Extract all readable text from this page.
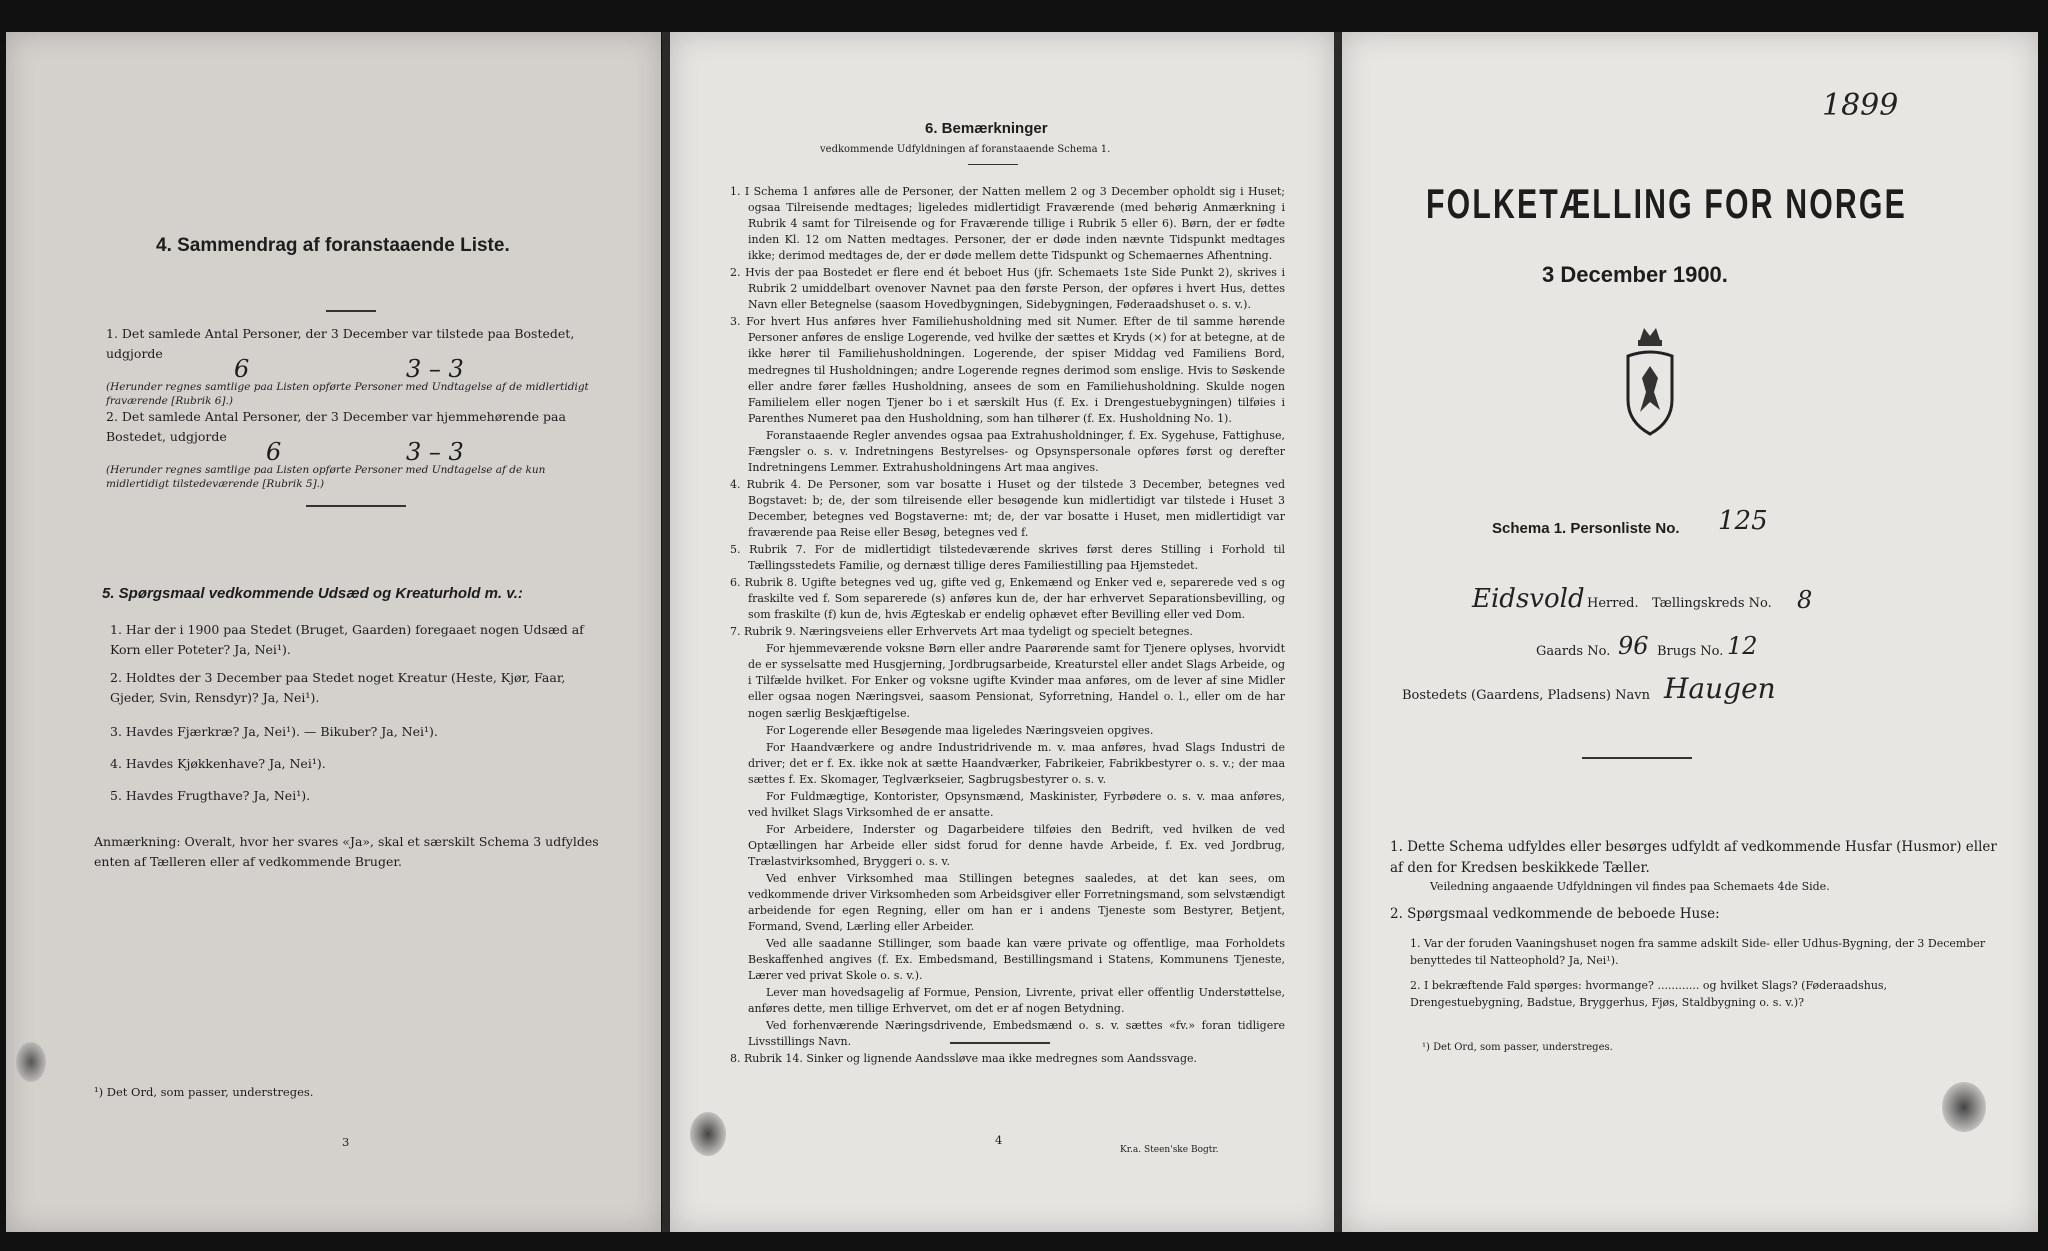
4. Sammendrag af foranstaaende Liste.
1. Det samlede Antal Personer, der 3 December var tilstede paa Bostedet, udgjorde
6	3 – 3
(Herunder regnes samtlige paa Listen opførte Personer med Undtagelse af de midlertidigt fraværende [Rubrik 6].)
2. Det samlede Antal Personer, der 3 December var hjemmehørende paa Bostedet, udgjorde
6	3 – 3
(Herunder regnes samtlige paa Listen opførte Personer med Undtagelse af de kun midlertidigt tilstedeværende [Rubrik 5].)
5. Spørgsmaal vedkommende Udsæd og Kreaturhold m. v.:
1. Har der i 1900 paa Stedet (Bruget, Gaarden) foregaaet nogen Udsæd af Korn eller Poteter? Ja, Nei¹).
2. Holdtes der 3 December paa Stedet noget Kreatur (Heste, Kjør, Faar, Gjeder, Svin, Rensdyr)? Ja, Nei¹).
3. Havdes Fjærkræ? Ja, Nei¹). — Bikuber? Ja, Nei¹).
4. Havdes Kjøkkenhave? Ja, Nei¹).
5. Havdes Frugthave? Ja, Nei¹).
Anmærkning: Overalt, hvor her svares «Ja», skal et særskilt Schema 3 udfyldes enten af Tælleren eller af vedkommende Bruger.
¹) Det Ord, som passer, understreges.
3
6. Bemærkninger
vedkommende Udfyldningen af foranstaaende Schema 1.

1. I Schema 1 anføres alle de Personer, der Natten mellem 2 og 3 December opholdt sig i Huset; ogsaa Tilreisende medtages; ligeledes midlertidigt Fraværende (med behørig Anmærkning i Rubrik 4 samt for Tilreisende og for Fraværende tillige i Rubrik 5 eller 6). Børn, der er fødte inden Kl. 12 om Natten medtages. Personer, der er døde inden nævnte Tidspunkt medtages ikke; derimod medtages de, der er døde mellem dette Tidspunkt og Schemaernes Afhentning.

2. Hvis der paa Bostedet er flere end ét beboet Hus (jfr. Schemaets 1ste Side Punkt 2), skrives i Rubrik 2 umiddelbart ovenover Navnet paa den første Person, der opføres i hvert Hus, dettes Navn eller Betegnelse (saasom Hovedbygningen, Sidebygningen, Føderaadshuset o. s. v.).

3. For hvert Hus anføres hver Familiehusholdning med sit Numer. Efter de til samme hørende Personer anføres de enslige Logerende, ved hvilke der sættes et Kryds (×) for at betegne, at de ikke hører til Familiehusholdningen. Logerende, der spiser Middag ved Familiens Bord, medregnes til Husholdningen; andre Logerende regnes derimod som enslige. Hvis to Søskende eller andre fører fælles Husholdning, ansees de som en Familiehusholdning. Skulde nogen Familielem eller nogen Tjener bo i et særskilt Hus (f. Ex. i Drengestuebygningen) tilføies i Parenthes Numeret paa den Husholdning, som han tilhører (f. Ex. Husholdning No. 1).

Foranstaaende Regler anvendes ogsaa paa Extrahusholdninger, f. Ex. Sygehuse, Fattighuse, Fængsler o. s. v. Indretningens Bestyrelses- og Opsynspersonale opføres først og derefter Indretningens Lemmer. Extrahusholdningens Art maa angives.

4. Rubrik 4. De Personer, som var bosatte i Huset og der tilstede 3 December, betegnes ved Bogstavet: b; de, der som tilreisende eller besøgende kun midlertidigt var tilstede i Huset 3 December, betegnes ved Bogstaverne: mt; de, der var bosatte i Huset, men midlertidigt var fraværende paa Reise eller Besøg, betegnes ved f.

5. Rubrik 7. For de midlertidigt tilstedeværende skrives først deres Stilling i Forhold til Tællingsstedets Familie, og dernæst tillige deres Familiestilling paa Hjemstedet.

6. Rubrik 8. Ugifte betegnes ved ug, gifte ved g, Enkemænd og Enker ved e, separerede ved s og fraskilte ved f. Som separerede (s) anføres kun de, der har erhvervet Separationsbevilling, og som fraskilte (f) kun de, hvis Ægteskab er endelig ophævet efter Bevilling eller ved Dom.

7. Rubrik 9. Næringsveiens eller Erhvervets Art maa tydeligt og specielt betegnes.

For hjemmeværende voksne Børn eller andre Paarørende samt for Tjenere oplyses, hvorvidt de er sysselsatte med Husgjerning, Jordbrugsarbeide, Kreaturstel eller andet Slags Arbeide, og i Tilfælde hvilket. For Enker og voksne ugifte Kvinder maa anføres, om de lever af sine Midler eller ogsaa nogen Næringsvei, saasom Pensionat, Syforretning, Handel o. l., eller om de har nogen særlig Beskjæftigelse.

For Logerende eller Besøgende maa ligeledes Næringsveien opgives.

For Haandværkere og andre Industridrivende m. v. maa anføres, hvad Slags Industri de driver; det er f. Ex. ikke nok at sætte Haandværker, Fabrikeier, Fabrikbestyrer o. s. v.; der maa sættes f. Ex. Skomager, Teglværkseier, Sagbrugsbestyrer o. s. v.

For Fuldmægtige, Kontorister, Opsynsmænd, Maskinister, Fyrbødere o. s. v. maa anføres, ved hvilket Slags Virksomhed de er ansatte.

For Arbeidere, Inderster og Dagarbeidere tilføies den Bedrift, ved hvilken de ved Optællingen har Arbeide eller sidst forud for denne havde Arbeide, f. Ex. ved Jordbrug, Trælastvirksomhed, Bryggeri o. s. v.

Ved enhver Virksomhed maa Stillingen betegnes saaledes, at det kan sees, om vedkommende driver Virksomheden som Arbeidsgiver eller Forretningsmand, som selvstændigt arbeidende for egen Regning, eller om han er i andens Tjeneste som Bestyrer, Betjent, Formand, Svend, Lærling eller Arbeider.

Ved alle saadanne Stillinger, som baade kan være private og offentlige, maa Forholdets Beskaffenhed angives (f. Ex. Embedsmand, Bestillingsmand i Statens, Kommunens Tjeneste, Lærer ved privat Skole o. s. v.).

Lever man hovedsagelig af Formue, Pension, Livrente, privat eller offentlig Understøttelse, anføres dette, men tillige Erhvervet, om det er af nogen Betydning.

Ved forhenværende Næringsdrivende, Embedsmænd o. s. v. sættes «fv.» foran tidligere Livsstillings Navn.

8. Rubrik 14. Sinker og lignende Aandssløve maa ikke medregnes som Aandssvage.

4
Kr.a. Steen'ske Bogtr.
1899
FOLKETÆLLING FOR NORGE
3 December 1900.
Schema 1. Personliste No. 125
Eidsvold Herred. Tællingskreds No. 8
Gaards No. 96 Brugs No. 12
Bostedets (Gaardens, Pladsens) Navn Haugen
1. Dette Schema udfyldes eller besørges udfyldt af vedkommende Husfar (Husmor) eller af den for Kredsen beskikkede Tæller.
Veiledning angaaende Udfyldningen vil findes paa Schemaets 4de Side.
2. Spørgsmaal vedkommende de beboede Huse:
1. Var der foruden Vaaningshuset nogen fra samme adskilt Side- eller Udhus-Bygning, der 3 December benyttedes til Natteophold? Ja, Nei¹).
2. I bekræftende Fald spørges: hvormange? ............ og hvilket Slags? (Føderaadshus, Drengestuebygning, Badstue, Bryggerhus, Fjøs, Staldbygning o. s. v.)?
¹) Det Ord, som passer, understreges.
